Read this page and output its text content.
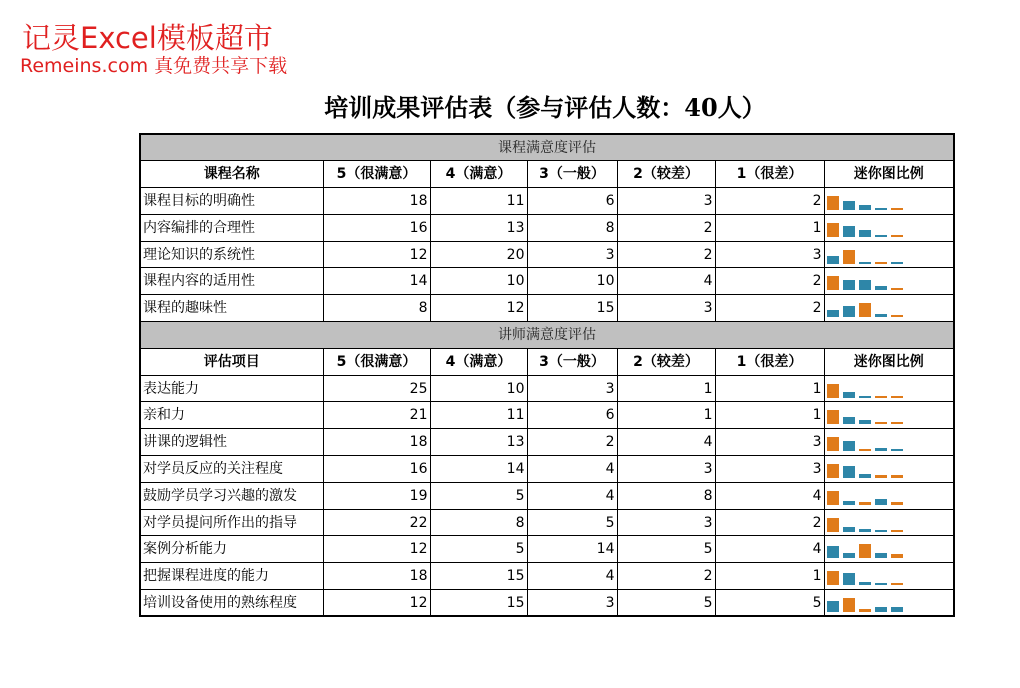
记灵Excel模板超市
Remeins.com 真免费共享下载
培训成果评估表（参与评估人数：40人）
课程满意度评估						
课程名称	5（很满意）	4（满意）	3（一般）	2（较差）	1（很差）	迷你图比例
课程目标的明确性	18	11	6	3	2	

内容编排的合理性	16	13	8	2	1	

理论知识的系统性	12	20	3	2	3	

课程内容的适用性	14	10	10	4	2	

课程的趣味性	8	12	15	3	2	

讲师满意度评估						
评估项目	5（很满意）	4（满意）	3（一般）	2（较差）	1（很差）	迷你图比例
表达能力	25	10	3	1	1	

亲和力	21	11	6	1	1	

讲课的逻辑性	18	13	2	4	3	

对学员反应的关注程度	16	14	4	3	3	

鼓励学员学习兴趣的激发	19	5	4	8	4	

对学员提问所作出的指导	22	8	5	3	2	

案例分析能力	12	5	14	5	4	

把握课程进度的能力	18	15	4	2	1	

培训设备使用的熟练程度	12	15	3	5	5	
